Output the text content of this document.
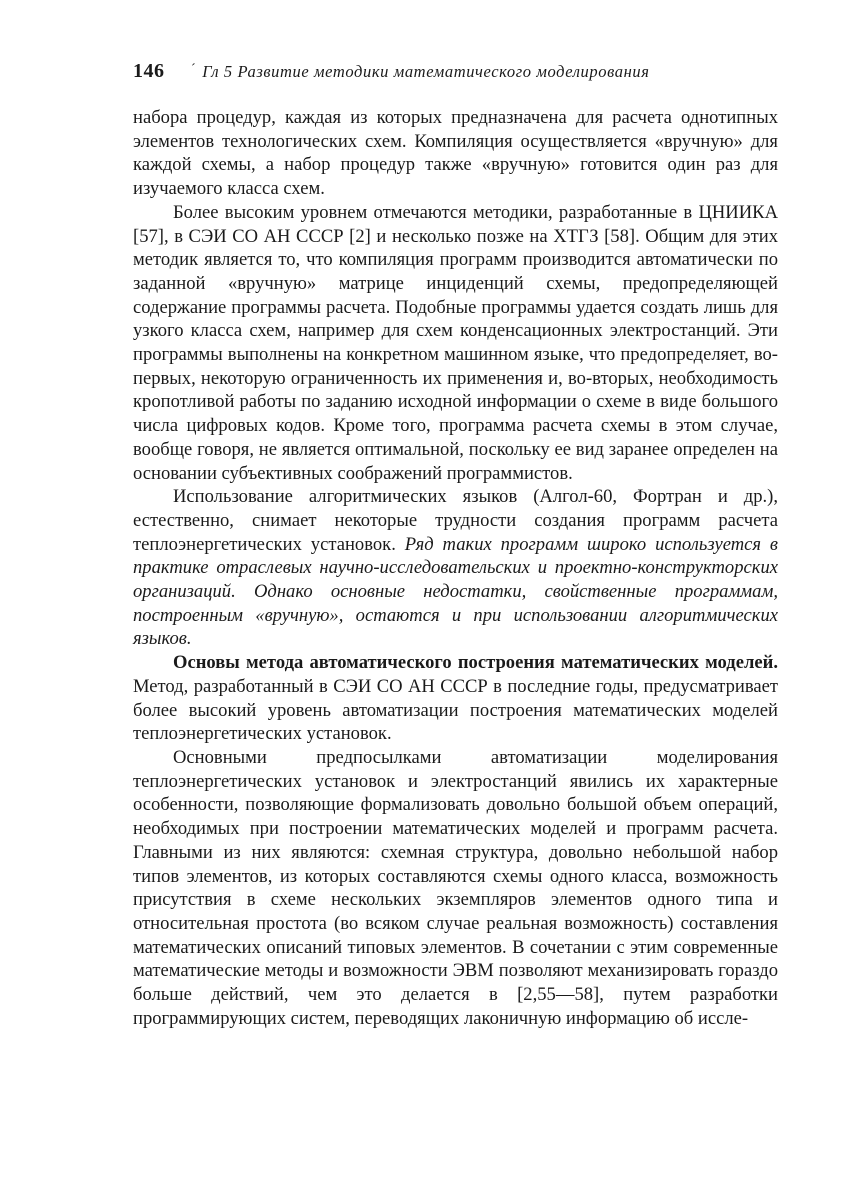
146	$^ˊ$ Гл 5 Развитие методики математического моделирования

набора процедур, каждая из которых предназначена для расчета однотипных элементов технологических схем. Компиляция осуществляется «вручную» для каждой схемы, а набор процедур также «вручную» готовится один раз для изучаемого класса схем.

Более высоким уровнем отмечаются методики, разработанные в ЦНИИКА [57], в СЭИ СО АН СССР [2] и несколько позже на ХТГЗ [58]. Общим для этих методик является то, что компиляция программ производится автоматически по заданной «вручную» матрице инциденций схемы, предопределяющей содержание программы расчета. Подобные программы удается создать лишь для узкого класса схем, например для схем конденсационных электростанций. Эти программы выполнены на конкретном машинном языке, что предопределяет, во-первых, некоторую ограниченность их применения и, во-вторых, необходимость кропотливой работы по заданию исходной информации о схеме в виде большого числа цифровых кодов. Кроме того, программа расчета схемы в этом случае, вообще говоря, не является оптимальной, поскольку ее вид заранее определен на основании субъективных соображений программистов.

Использование алгоритмических языков (Алгол-60, Фортран и др.), естественно, снимает некоторые трудности создания программ расчета теплоэнергетических установок. Ряд таких программ широко используется в практике отраслевых научно-исследовательских и проектно-конструкторских организаций. Однако основные недостатки, свойственные программам, построенным «вручную», остаются и при использовании алгоритмических языков.

Основы метода автоматического построения математических моделей. Метод, разработанный в СЭИ СО АН СССР в последние годы, предусматривает более высокий уровень автоматизации построения математических моделей теплоэнергетических установок.

Основными предпосылками автоматизации моделирования теплоэнергетических установок и электростанций явились их характерные особенности, позволяющие формализовать довольно большой объем операций, необходимых при построении математических моделей и программ расчета. Главными из них являются: схемная структура, довольно небольшой набор типов элементов, из которых составляются схемы одного класса, возможность присутствия в схеме нескольких экземпляров элементов одного типа и относительная простота (во всяком случае реальная возможность) составления математических описаний типовых элементов. В сочетании с этим современные математические методы и возможности ЭВМ позволяют механизировать гораздо больше действий, чем это делается в [2,55—58], путем разработки программирующих систем, переводящих лаконичную информацию об иссле-
